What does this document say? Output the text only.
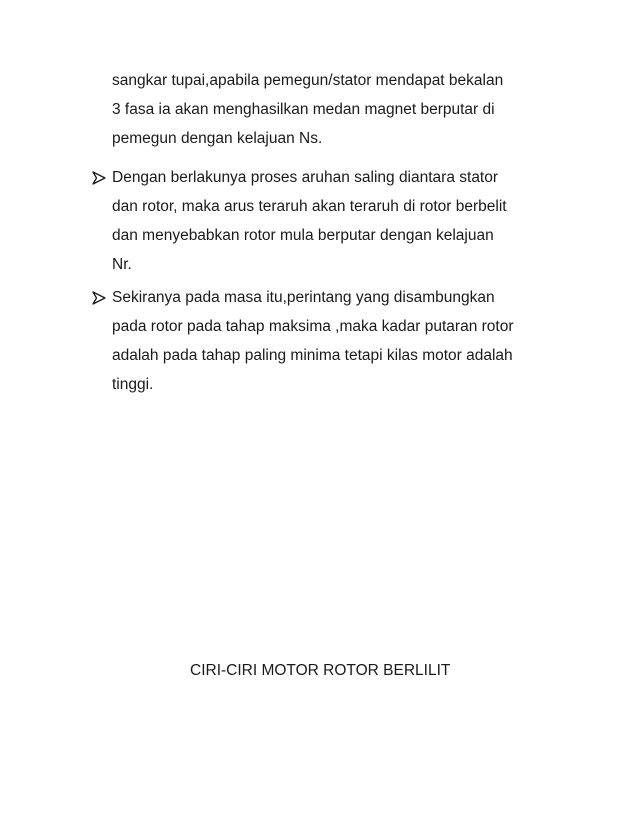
sangkar tupai,apabila pemegun/stator mendapat bekalan
3 fasa ia akan menghasilkan medan magnet berputar di
pemegun dengan kelajuan Ns.
Dengan berlakunya proses aruhan saling diantara stator
dan rotor, maka arus teraruh akan teraruh di rotor berbelit
dan menyebabkan rotor mula berputar dengan kelajuan
Nr.
Sekiranya pada masa itu,perintang yang disambungkan
pada rotor pada tahap maksima ,maka kadar putaran rotor
adalah pada tahap paling minima tetapi kilas motor adalah
tinggi.
CIRI-CIRI MOTOR ROTOR BERLILIT
